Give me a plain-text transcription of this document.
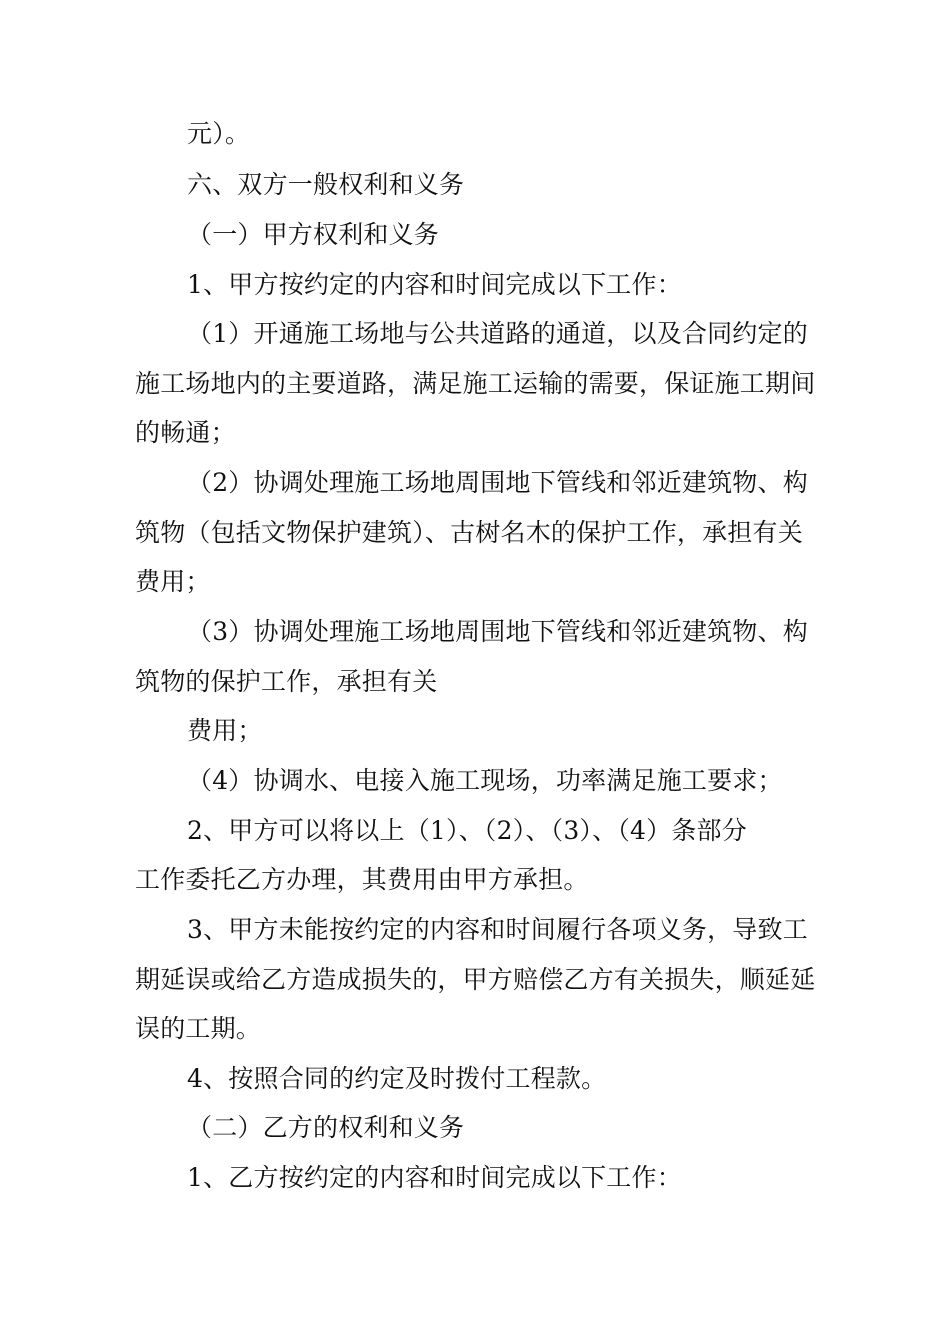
元）。
六、双方一般权利和义务
（一）甲方权利和义务
1、甲方按约定的内容和时间完成以下工作：
（1）开通施工场地与公共道路的通道，以及合同约定的
施工场地内的主要道路，满足施工运输的需要，保证施工期间
的畅通；
（2）协调处理施工场地周围地下管线和邻近建筑物、构
筑物（包括文物保护建筑）、古树名木的保护工作，承担有关
费用；
（3）协调处理施工场地周围地下管线和邻近建筑物、构
筑物的保护工作，承担有关
费用；
（4）协调水、电接入施工现场，功率满足施工要求；
2、甲方可以将以上（1）、（2）、（3）、（4）条部分
工作委托乙方办理，其费用由甲方承担。
3、甲方未能按约定的内容和时间履行各项义务，导致工
期延误或给乙方造成损失的，甲方赔偿乙方有关损失，顺延延
误的工期。
4、按照合同的约定及时拨付工程款。
（二）乙方的权利和义务
1、乙方按约定的内容和时间完成以下工作：
